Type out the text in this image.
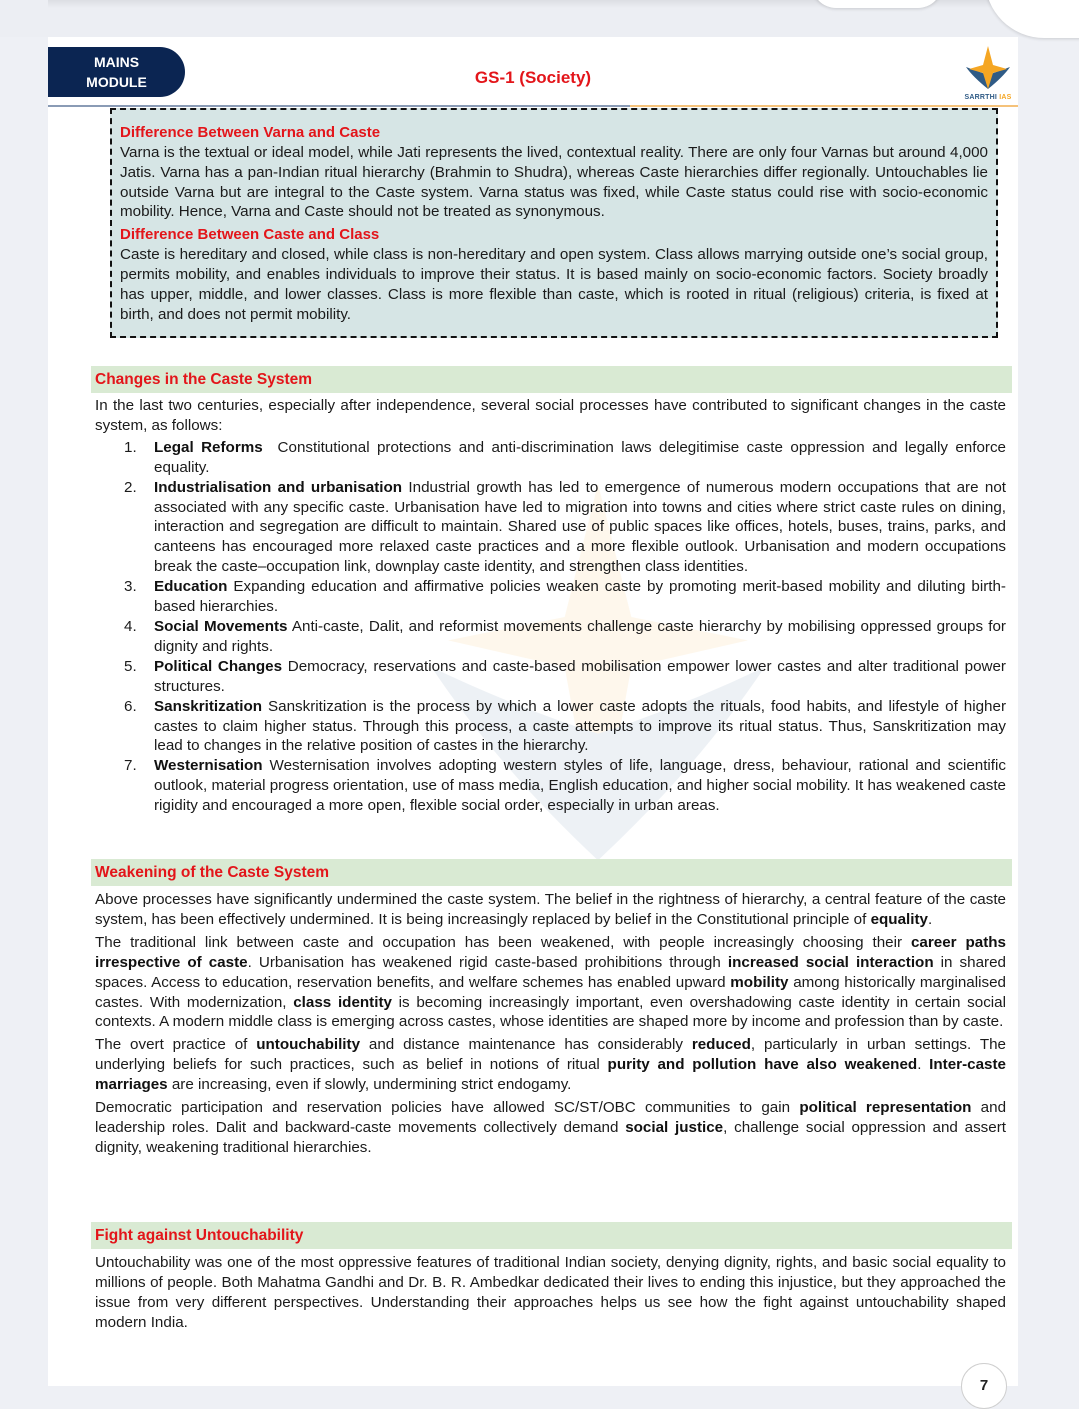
MAINS
MODULE	GS-1 (Society)
SARRTHI IAS
Difference Between Varna and Caste

Varna is the textual or ideal model, while Jati represents the lived, contextual reality. There are only four Varnas but around 4,000 Jatis. Varna has a pan-Indian ritual hierarchy (Brahmin to Shudra), whereas Caste hierarchies differ regionally. Untouchables lie outside Varna but are integral to the Caste system. Varna status was fixed, while Caste status could rise with socio-economic mobility. Hence, Varna and Caste should not be treated as synonymous.

Difference Between Caste and Class

Caste is hereditary and closed, while class is non-hereditary and open system. Class allows marrying outside one’s social group, permits mobility, and enables individuals to improve their status. It is based mainly on socio-economic factors. Society broadly has upper, middle, and lower classes. Class is more flexible than caste, which is rooted in ritual (religious) criteria, is fixed at birth, and does not permit mobility.

Changes in the Caste System

In the last two centuries, especially after independence, several social processes have contributed to significant changes in the caste system, as follows:

1. Legal Reforms  Constitutional protections and anti-discrimination laws delegitimise caste oppression and legally enforce equality.
2. Industrialisation and urbanisation Industrial growth has led to emergence of numerous modern occupations that are not associated with any specific caste. Urbanisation have led to migration into towns and cities where strict caste rules on dining, interaction and segregation are difficult to maintain. Shared use of public spaces like offices, hotels, buses, trains, parks, and canteens has encouraged more relaxed caste practices and a more flexible outlook. Urbanisation and modern occupations break the caste–occupation link, downplay caste identity, and strengthen class identities.
3. Education Expanding education and affirmative policies weaken caste by promoting merit-based mobility and diluting birth-based hierarchies.
4. Social Movements Anti-caste, Dalit, and reformist movements challenge caste hierarchy by mobilising oppressed groups for dignity and rights.
5. Political Changes Democracy, reservations and caste-based mobilisation empower lower castes and alter traditional power structures.
6. Sanskritization Sanskritization is the process by which a lower caste adopts the rituals, food habits, and lifestyle of higher castes to claim higher status. Through this process, a caste attempts to improve its ritual status. Thus, Sanskritization may lead to changes in the relative position of castes in the hierarchy.
7. Westernisation Westernisation involves adopting western styles of life, language, dress, behaviour, rational and scientific outlook, material progress orientation, use of mass media, English education, and higher social mobility. It has weakened caste rigidity and encouraged a more open, flexible social order, especially in urban areas.
Weakening of the Caste System

Above processes have significantly undermined the caste system. The belief in the rightness of hierarchy, a central feature of the caste system, has been effectively undermined. It is being increasingly replaced by belief in the Constitutional principle of equality.

The traditional link between caste and occupation has been weakened, with people increasingly choosing their career paths irrespective of caste. Urbanisation has weakened rigid caste-based prohibitions through increased social interaction in shared spaces. Access to education, reservation benefits, and welfare schemes has enabled upward mobility among historically marginalised castes. With modernization, class identity is becoming increasingly important, even overshadowing caste identity in certain social contexts. A modern middle class is emerging across castes, whose identities are shaped more by income and profession than by caste.

The overt practice of untouchability and distance maintenance has considerably reduced, particularly in urban settings. The underlying beliefs for such practices, such as belief in notions of ritual purity and pollution have also weakened. Inter-caste marriages are increasing, even if slowly, undermining strict endogamy.

Democratic participation and reservation policies have allowed SC/ST/OBC communities to gain political representation and leadership roles. Dalit and backward-caste movements collectively demand social justice, challenge social oppression and assert dignity, weakening traditional hierarchies.

Fight against Untouchability

Untouchability was one of the most oppressive features of traditional Indian society, denying dignity, rights, and basic social equality to millions of people. Both Mahatma Gandhi and Dr. B. R. Ambedkar dedicated their lives to ending this injustice, but they approached the issue from very different perspectives. Understanding their approaches helps us see how the fight against untouchability shaped modern India.

7
